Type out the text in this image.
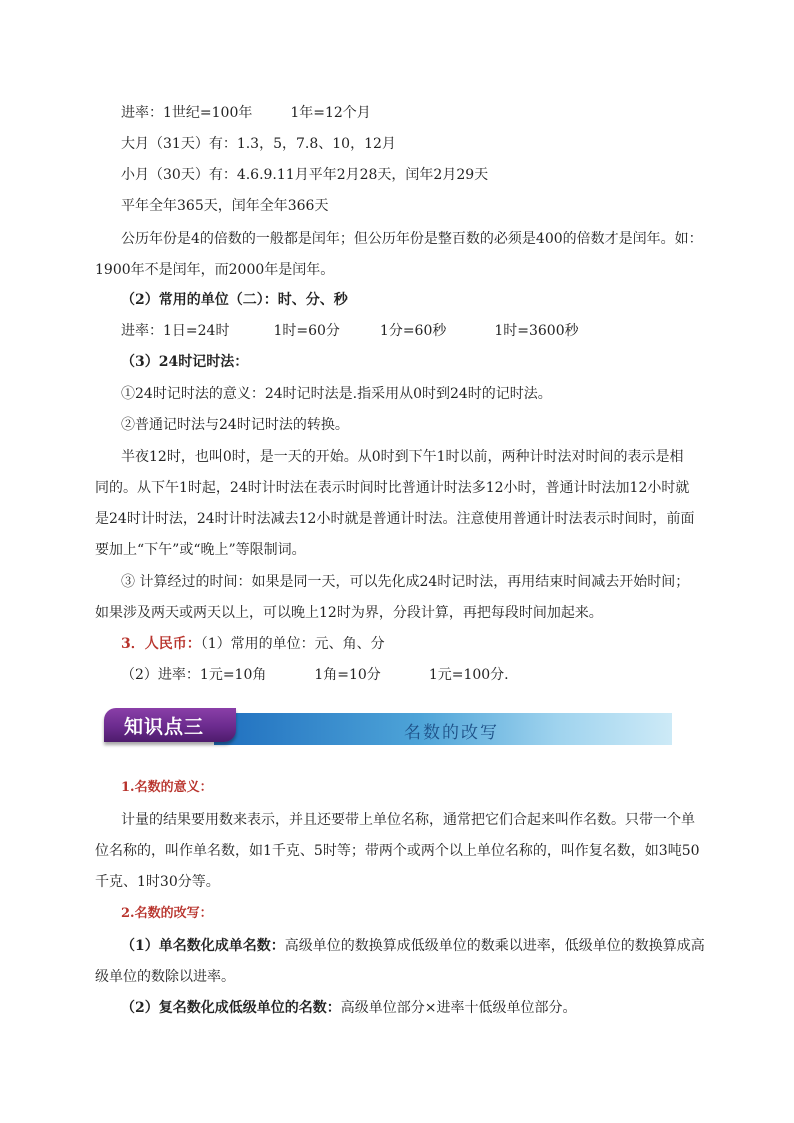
进率：1世纪=100年	1年=12个月
大月（31天）有：1.3，5，7.8、10，12月
小月（30天）有：4.6.9.11月平年2月28天，闰年2月29天
平年全年365天，闰年全年366天
公历年份是4的倍数的一般都是闰年；但公历年份是整百数的必须是400的倍数才是闰年。如：
1900年不是闰年，而2000年是闰年。
（2）常用的单位（二）：时、分、秒
进率：1日=24时	1时=60分	1分=60秒	1时=3600秒
（3）24时记时法：
①24时记时法的意义：24时记时法是.指采用从0时到24时的记时法。
②普通记时法与24时记时法的转换。
半夜12时，也叫0时，是一天的开始。从0时到下午1时以前，两种计时法对时间的表示是相
同的。从下午1时起，24时计时法在表示时间时比普通计时法多12小时，普通计时法加12小时就
是24时计时法，24时计时法减去12小时就是普通计时法。注意使用普通计时法表示时间时，前面
要加上“下午”或“晚上”等限制词。
③ 计算经过的时间：如果是同一天，可以先化成24时记时法，再用结束时间减去开始时间；
如果涉及两天或两天以上，可以晚上12时为界，分段计算，再把每段时间加起来。
3．人民币：（1）常用的单位：元、角、分
（2）进率：1元=10角	1角=10分	1元=100分.
名数的改写
知识点三
1.名数的意义：
计量的结果要用数来表示，并且还要带上单位名称，通常把它们合起来叫作名数。只带一个单
位名称的，叫作单名数，如1千克、5时等；带两个或两个以上单位名称的，叫作复名数，如3吨50
千克、1时30分等。
2.名数的改写：
（1）单名数化成单名数：高级单位的数换算成低级单位的数乘以进率，低级单位的数换算成高
级单位的数除以进率。
（2）复名数化成低级单位的名数：高级单位部分×进率十低级单位部分。
